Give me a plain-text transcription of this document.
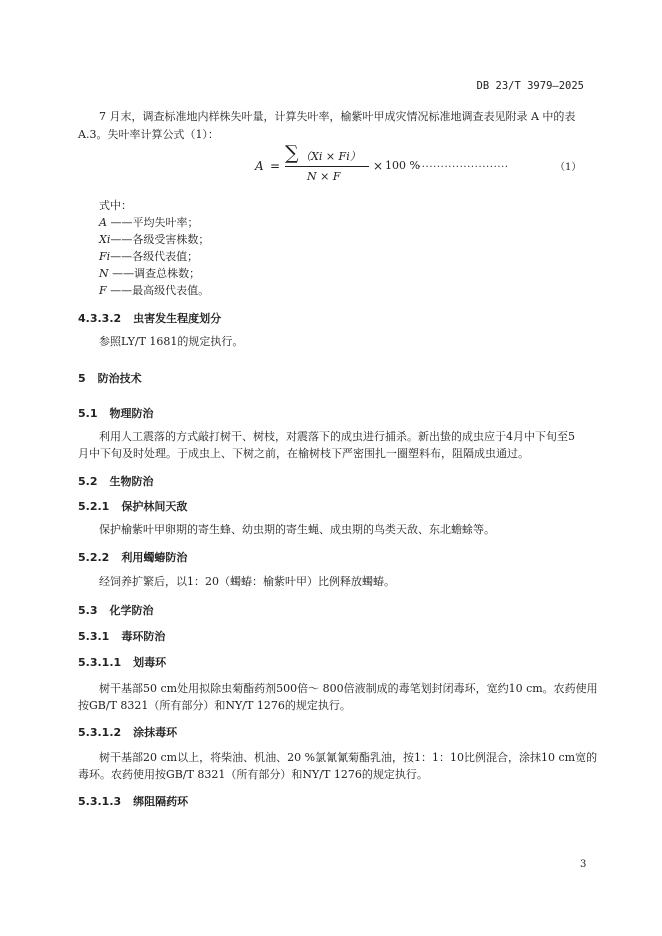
DB 23/T 3979—2025
7 月末，调查标准地内样株失叶量，计算失叶率，榆紫叶甲成灾情况标准地调查表见附录 A 中的表
A.3。失叶率计算公式（1）：
A =
∑ （Xi × Fi）
N × F
× 100 %
........................	（1）
式中：
A ——平均失叶率；
Xi——各级受害株数；
Fi——各级代表值；
N ——调查总株数；
F ——最高级代表值。
4.3.3.2 虫害发生程度划分
参照LY/T 1681的规定执行。
5 防治技术
5.1 物理防治
利用人工震落的方式敲打树干、树枝，对震落下的成虫进行捕杀。新出蛰的成虫应于4月中下旬至5
月中下旬及时处理。于成虫上、下树之前，在榆树枝下严密围扎一圈塑料布，阻隔成虫通过。
5.2 生物防治
5.2.1 保护林间天敌
保护榆紫叶甲卵期的寄生蜂、幼虫期的寄生蝇、成虫期的鸟类天敌、东北蟾蜍等。
5.2.2 利用蠋蝽防治
经饲养扩繁后，以1：20（蠋蝽：榆紫叶甲）比例释放蠋蝽。
5.3 化学防治
5.3.1 毒环防治
5.3.1.1 划毒环
树干基部50 cm处用拟除虫菊酯药剂500倍～ 800倍液制成的毒笔划封闭毒环，宽约10 cm。农药使用
按GB/T 8321（所有部分）和NY/T 1276的规定执行。
5.3.1.2 涂抹毒环
树干基部20 cm以上，将柴油、机油、20 %氯氰氰菊酯乳油，按1：1：10比例混合，涂抹10 cm宽的
毒环。农药使用按GB/T 8321（所有部分）和NY/T 1276的规定执行。
5.3.1.3 绑阻隔药环
3
